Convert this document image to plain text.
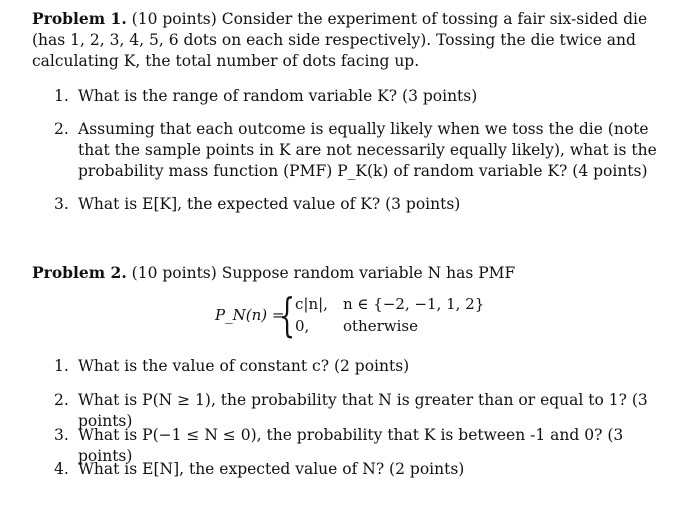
Problem 1. (10 points) Consider the experiment of tossing a fair six-sided die (has 1, 2, 3, 4, 5, 6 dots on each side respectively). Tossing the die twice and calculating K, the total number of dots facing up.
1. What is the range of random variable K? (3 points)
2. Assuming that each outcome is equally likely when we toss the die (note that the sample points in K are not necessarily equally likely), what is the probability mass function (PMF) P_K(k) of random variable K? (4 points)
3. What is E[K], the expected value of K? (3 points)
Problem 2. (10 points) Suppose random variable N has PMF
P_N(n) =
{ c|n|, n ∈ {−2, −1, 1, 2}
0, otherwise
1. What is the value of constant c? (2 points)
2. What is P(N ≥ 1), the probability that N is greater than or equal to 1? (3 points)
3. What is P(−1 ≤ N ≤ 0), the probability that K is between -1 and 0? (3 points)
4. What is E[N], the expected value of N? (2 points)
